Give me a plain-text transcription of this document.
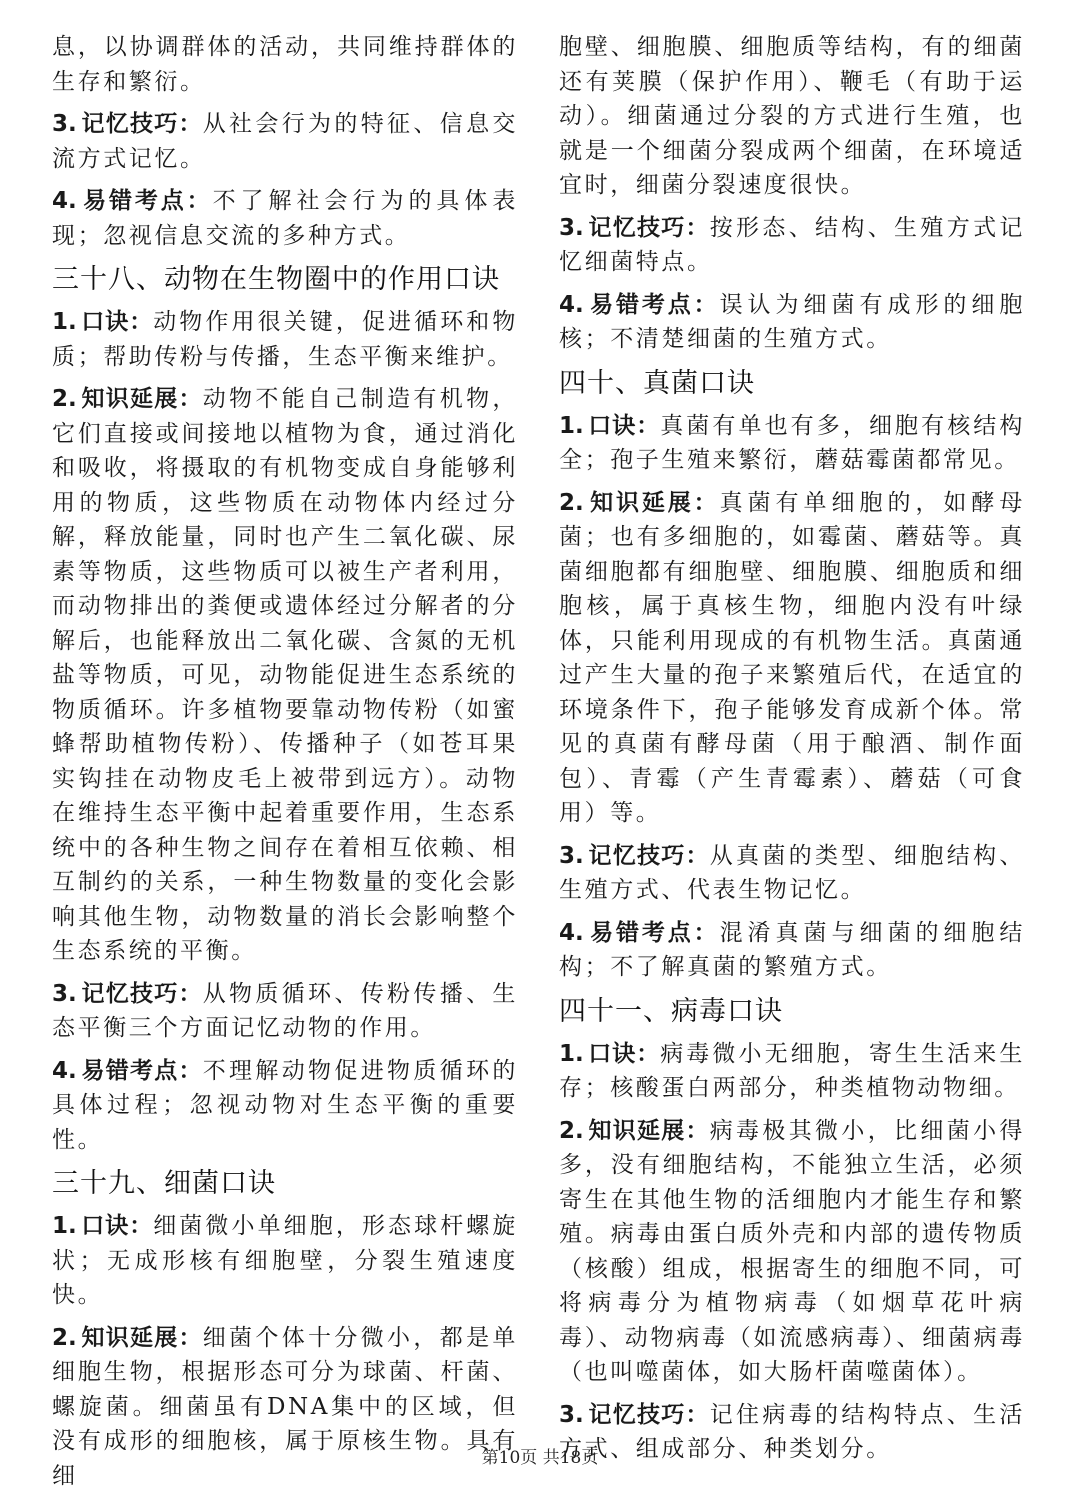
息，以协调群体的活动，共同维持群体的生存和繁衍。

3. 记忆技巧：从社会行为的特征、信息交流方式记忆。

4. 易错考点：不了解社会行为的具体表现；忽视信息交流的多种方式。

三十八、动物在生物圈中的作用口诀

1. 口诀：动物作用很关键，促进循环和物质；帮助传粉与传播，生态平衡来维护。

2. 知识延展：动物不能自己制造有机物，它们直接或间接地以植物为食，通过消化和吸收，将摄取的有机物变成自身能够利用的物质，这些物质在动物体内经过分解，释放能量，同时也产生二氧化碳、尿素等物质，这些物质可以被生产者利用，而动物排出的粪便或遗体经过分解者的分解后，也能释放出二氧化碳、含氮的无机盐等物质，可见，动物能促进生态系统的物质循环。许多植物要靠动物传粉（如蜜蜂帮助植物传粉）、传播种子（如苍耳果实钩挂在动物皮毛上被带到远方）。动物在维持生态平衡中起着重要作用，生态系统中的各种生物之间存在着相互依赖、相互制约的关系，一种生物数量的变化会影响其他生物，动物数量的消长会影响整个生态系统的平衡。

3. 记忆技巧：从物质循环、传粉传播、生态平衡三个方面记忆动物的作用。

4. 易错考点：不理解动物促进物质循环的具体过程；忽视动物对生态平衡的重要性。

三十九、细菌口诀

1. 口诀：细菌微小单细胞，形态球杆螺旋状；无成形核有细胞壁，分裂生殖速度快。

2. 知识延展：细菌个体十分微小，都是单细胞生物，根据形态可分为球菌、杆菌、螺旋菌。细菌虽有DNA集中的区域，但没有成形的细胞核，属于原核生物。具有细

胞壁、细胞膜、细胞质等结构，有的细菌还有荚膜（保护作用）、鞭毛（有助于运动）。细菌通过分裂的方式进行生殖，也就是一个细菌分裂成两个细菌，在环境适宜时，细菌分裂速度很快。

3. 记忆技巧：按形态、结构、生殖方式记忆细菌特点。

4. 易错考点：误认为细菌有成形的细胞核；不清楚细菌的生殖方式。

四十、真菌口诀

1. 口诀：真菌有单也有多，细胞有核结构全；孢子生殖来繁衍，蘑菇霉菌都常见。

2. 知识延展：真菌有单细胞的，如酵母菌；也有多细胞的，如霉菌、蘑菇等。真菌细胞都有细胞壁、细胞膜、细胞质和细胞核，属于真核生物，细胞内没有叶绿体，只能利用现成的有机物生活。真菌通过产生大量的孢子来繁殖后代，在适宜的环境条件下，孢子能够发育成新个体。常见的真菌有酵母菌（用于酿酒、制作面包）、青霉（产生青霉素）、蘑菇（可食用）等。

3. 记忆技巧：从真菌的类型、细胞结构、生殖方式、代表生物记忆。

4. 易错考点：混淆真菌与细菌的细胞结构；不了解真菌的繁殖方式。

四十一、病毒口诀

1. 口诀：病毒微小无细胞，寄生生活来生存；核酸蛋白两部分，种类植物动物细。

2. 知识延展：病毒极其微小，比细菌小得多，没有细胞结构，不能独立生活，必须寄生在其他生物的活细胞内才能生存和繁殖。病毒由蛋白质外壳和内部的遗传物质（核酸）组成，根据寄生的细胞不同，可将病毒分为植物病毒（如烟草花叶病毒）、动物病毒（如流感病毒）、细菌病毒（也叫噬菌体，如大肠杆菌噬菌体）。

3. 记忆技巧：记住病毒的结构特点、生活方式、组成部分、种类划分。

第10页 共18页
